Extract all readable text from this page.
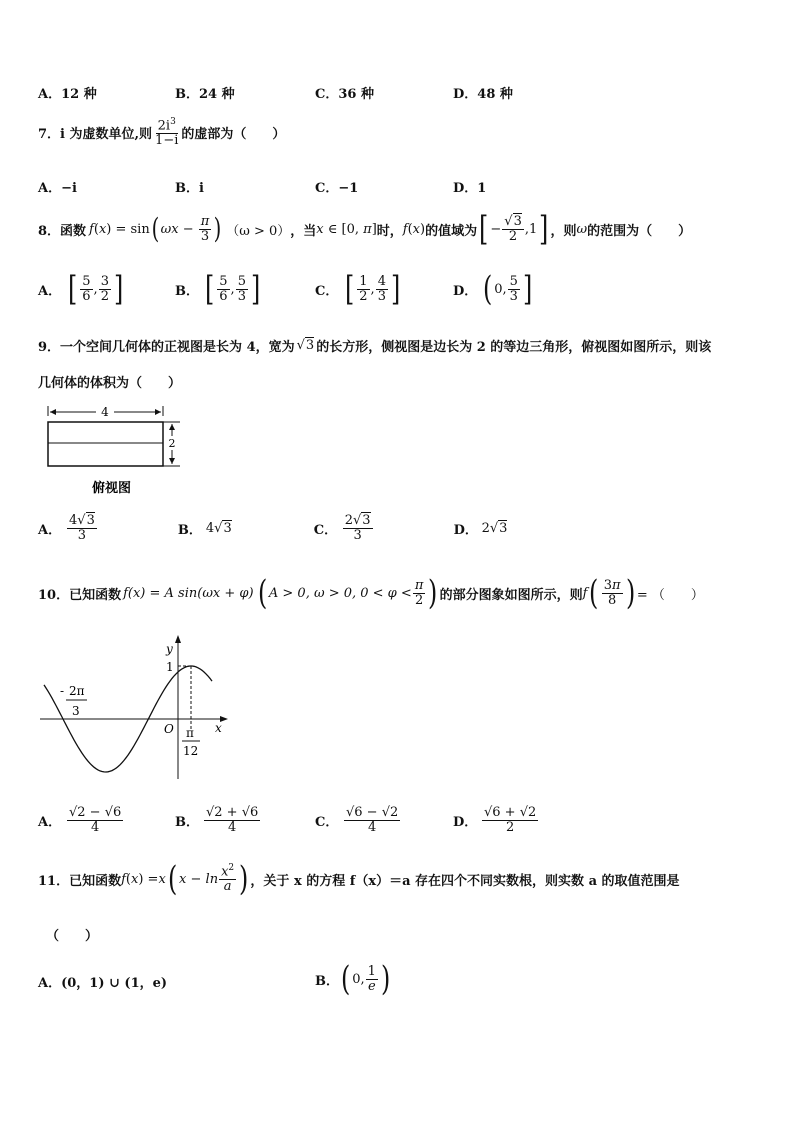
A．12 种	B．24 种	C．36 种	D．48 种
7．i 为虚数单位,则 $\frac{2i^3}{1-i}$ 的虚部为（　　）
A．−i	B．i	C．−1	D．1
8．函数 f ( x ) = sin ( $\omega x - \frac{\pi}{3}$ ) （ω > 0） ，当 x ∈ [0, π] 时， f (x) 的值域为 [ − $\frac{√3}{2} ,1$ ] ，则 ω 的范围为（　　）
A． [ $\frac{5}{6}$ , $\frac{3}{2}$ ]	B． [ $\frac{5}{6}$ , $\frac{5}{3}$ ]	C． [ $\frac{1}{2}$ , $\frac{4}{3}$ ]	D． ( 0, $\frac{5}{3}$ ]
9．一个空间几何体的正视图是长为 4，宽为 √3 的长方形，侧视图是边长为 2 的等边三角形，俯视图如图所示，则该
几何体的体积为（　　）
4
2
俯视图
A． $\frac{4√3}{3}$	B． 4√3	C． $\frac{2√3}{3}$	D． 2√3
10．已知函数 f(x) = A sin(ωx + φ) ( A > 0, ω > 0, $0 < \varphi < \frac{\pi}{2}$ ) 的部分图象如图所示，则 f ( $\frac{3\pi}{8}$ ) = （　　）
y
x
O
1
- 2π
3
π
12
A． $\frac{√2 - √6}{4}$	B． $\frac{√2 + √6}{4}$	C． $\frac{√6 - √2}{4}$	D． $\frac{√6 + √2}{2}$
11．已知函数 f ( x ) = x ( $x - \ln \frac{x^2}{a}$ ) ，关于 x 的方程 f（x）＝a 存在四个不同实数根，则实数 a 的取值范围是
（　　）
A．(0，1) ∪ (1，e)	B． ( 0, $\frac{1}{e}$ )
